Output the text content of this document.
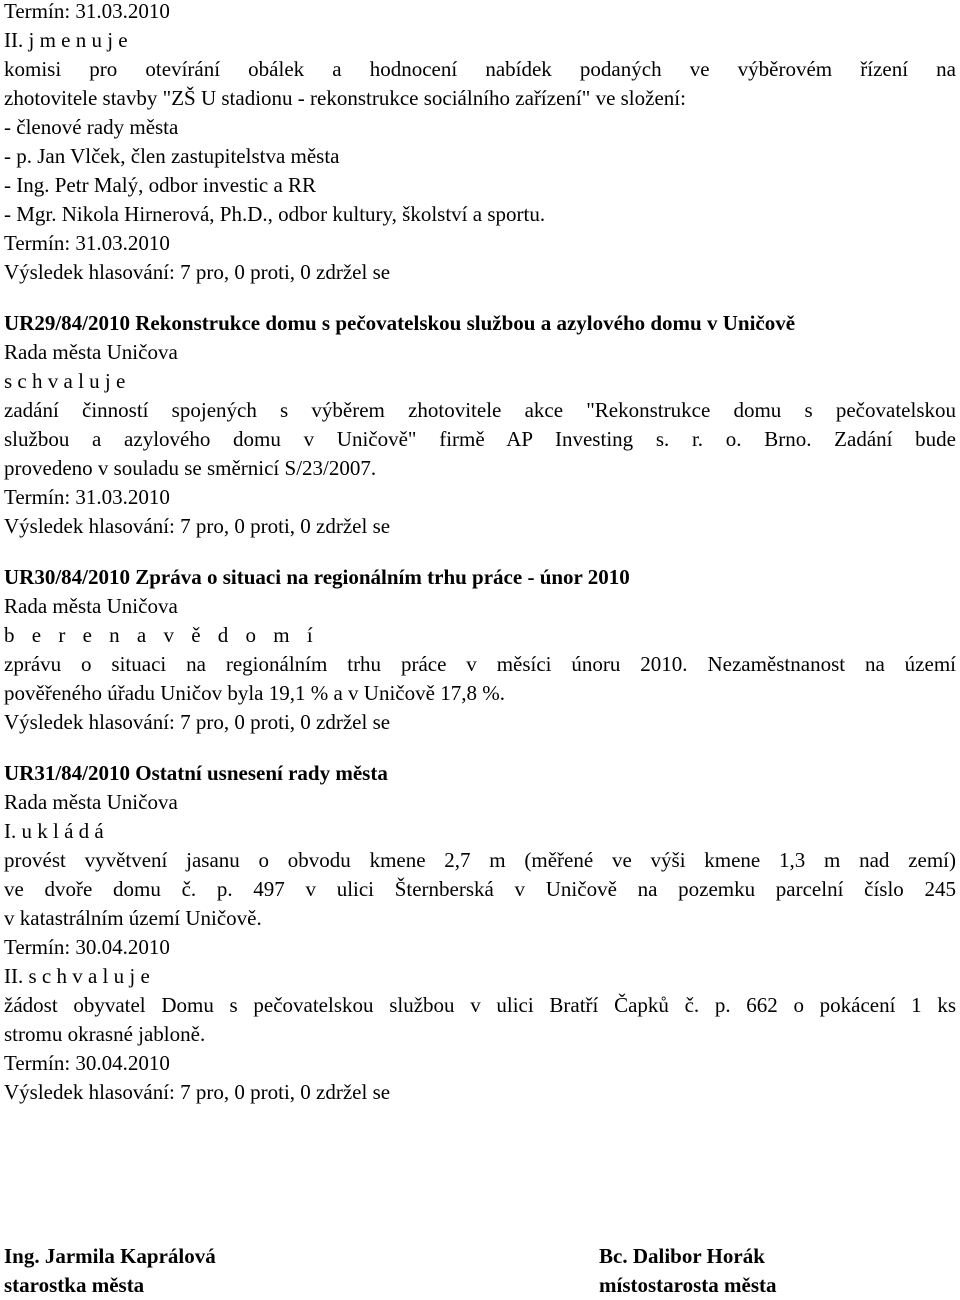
Termín: 31.03.2010
II. j m e n u j e
komisi pro otevírání obálek a hodnocení nabídek podaných ve výběrovém řízení na
zhotovitele stavby "ZŠ U stadionu - rekonstrukce sociálního zařízení" ve složení:
- členové rady města
- p. Jan Vlček, člen zastupitelstva města
- Ing. Petr Malý, odbor investic a RR
- Mgr. Nikola Hirnerová, Ph.D., odbor kultury, školství a sportu.
Termín: 31.03.2010
Výsledek hlasování: 7 pro, 0 proti, 0 zdržel se
UR29/84/2010 Rekonstrukce domu s pečovatelskou službou a azylového domu v Uničově
Rada města Uničova
s c h v a l u j e
zadání činností spojených s výběrem zhotovitele akce "Rekonstrukce domu s pečovatelskou
službou a azylového domu v Uničově" firmě AP Investing s. r. o. Brno. Zadání bude
provedeno v souladu se směrnicí S/23/2007.
Termín: 31.03.2010
Výsledek hlasování: 7 pro, 0 proti, 0 zdržel se
UR30/84/2010 Zpráva o situaci na regionálním trhu práce - únor 2010
Rada města Uničova
b e r e n a v ě d o m í
zprávu o situaci na regionálním trhu práce v měsíci únoru 2010. Nezaměstnanost na území
pověřeného úřadu Uničov byla 19,1 % a v Uničově 17,8 %.
Výsledek hlasování: 7 pro, 0 proti, 0 zdržel se
UR31/84/2010 Ostatní usnesení rady města
Rada města Uničova
I. u k l á d á
provést vyvětvení jasanu o obvodu kmene 2,7 m (měřené ve výši kmene 1,3 m nad zemí)
ve dvoře domu č. p. 497 v ulici Šternberská v Uničově na pozemku parcelní číslo 245
v katastrálním území Uničově.
Termín: 30.04.2010
II. s c h v a l u j e
žádost obyvatel Domu s pečovatelskou službou v ulici Bratří Čapků č. p. 662 o pokácení 1 ks
stromu okrasné jabloně.
Termín: 30.04.2010
Výsledek hlasování: 7 pro, 0 proti, 0 zdržel se
Ing. Jarmila Kaprálová
starostka města
Bc. Dalibor Horák
místostarosta města
